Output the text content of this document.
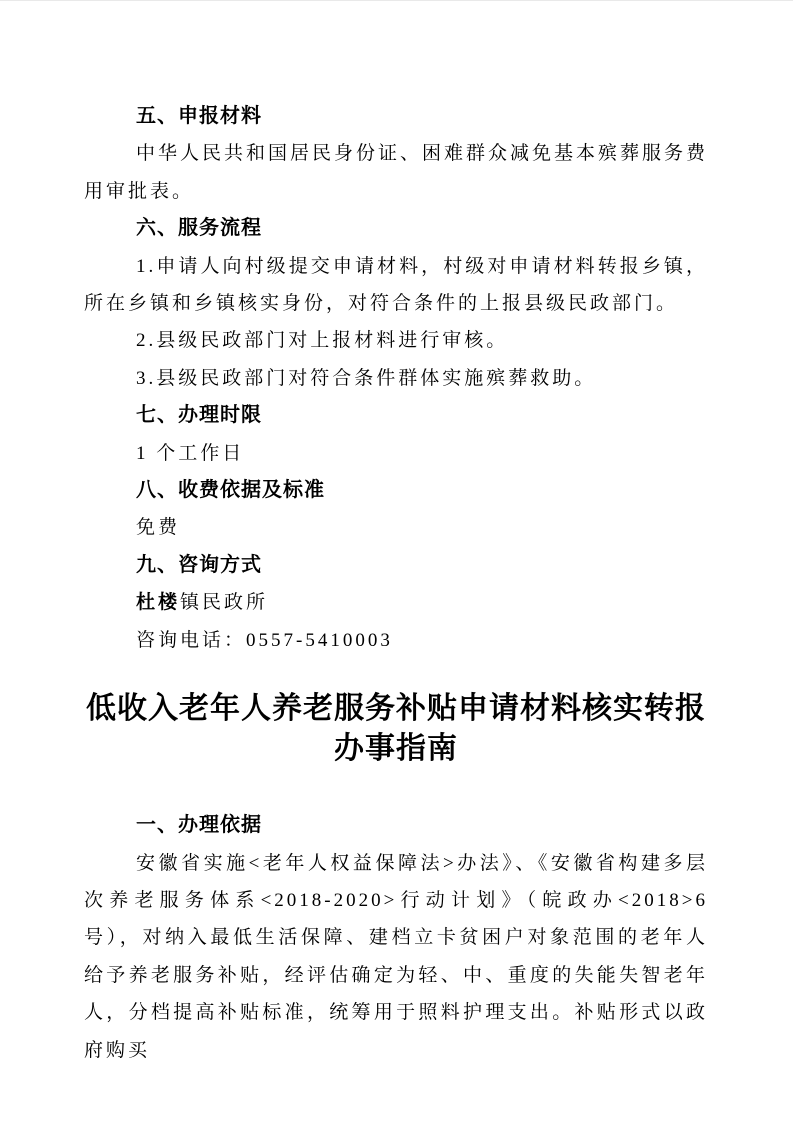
五、申报材料

中华人民共和国居民身份证、困难群众减免基本殡葬服务费用审批表。

六、服务流程

1.申请人向村级提交申请材料，村级对申请材料转报乡镇，所在乡镇和乡镇核实身份，对符合条件的上报县级民政部门。

2.县级民政部门对上报材料进行审核。

3.县级民政部门对符合条件群体实施殡葬救助。

七、办理时限

1 个工作日

八、收费依据及标准

免费

九、咨询方式

杜楼镇民政所

咨询电话：0557-5410003

低收入老年人养老服务补贴申请材料核实转报
办事指南

一、办理依据

安徽省实施<老年人权益保障法>办法》、《安徽省构建多层次养老服务体系<2018-2020>行动计划》（皖政办<2018>6 号），对纳入最低生活保障、建档立卡贫困户对象范围的老年人给予养老服务补贴，经评估确定为轻、中、重度的失能失智老年人，分档提高补贴标准，统筹用于照料护理支出。补贴形式以政府购买
